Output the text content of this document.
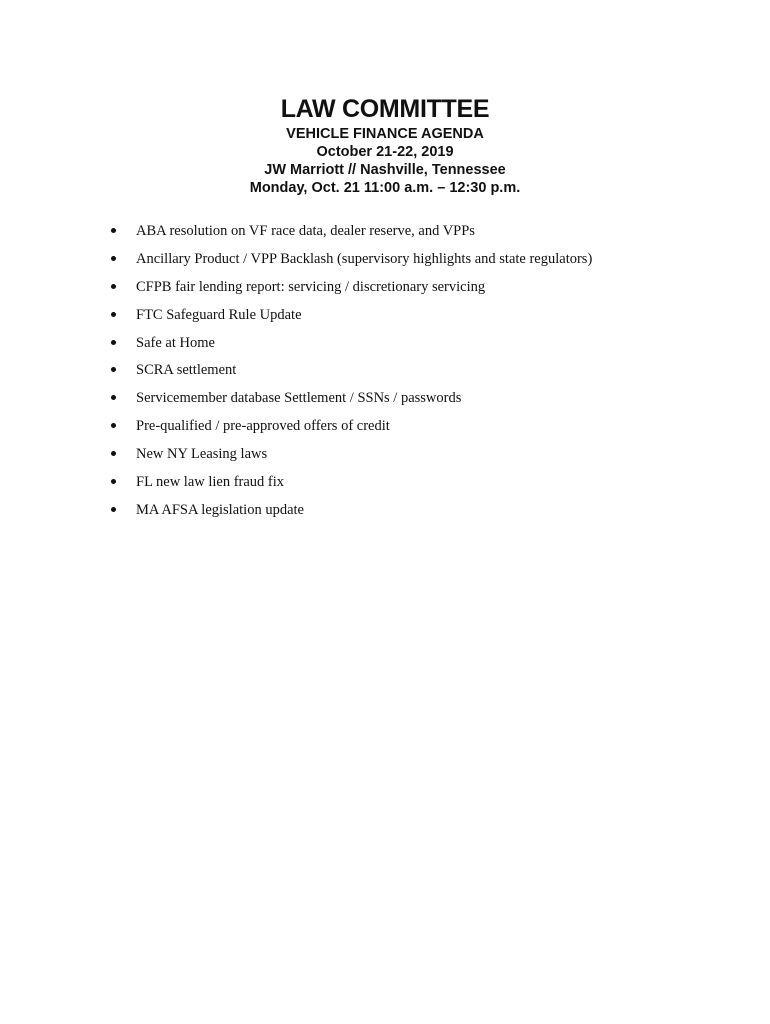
LAW COMMITTEE

VEHICLE FINANCE AGENDA

October 21-22, 2019

JW Marriott // Nashville, Tennessee

Monday, Oct. 21 11:00 a.m. – 12:30 p.m.

ABA resolution on VF race data, dealer reserve, and VPPs
Ancillary Product / VPP Backlash (supervisory highlights and state regulators)
CFPB fair lending report: servicing / discretionary servicing
FTC Safeguard Rule Update
Safe at Home
SCRA settlement
Servicemember database Settlement / SSNs / passwords
Pre-qualified / pre-approved offers of credit
New NY Leasing laws
FL new law lien fraud fix
MA AFSA legislation update
